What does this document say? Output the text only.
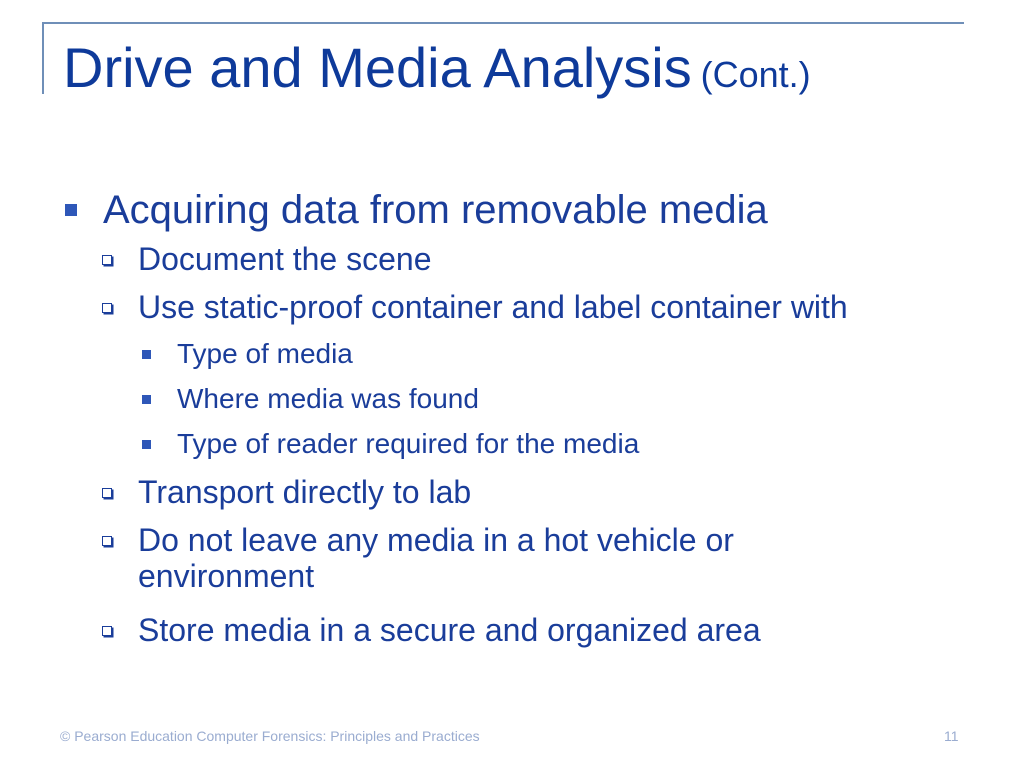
Drive and Media Analysis (Cont.)
Acquiring data from removable media
Document the scene
Use static-proof container and label container with
Type of media
Where media was found
Type of reader required for the media
Transport directly to lab
Do not leave any media in a hot vehicle or
environment
Store media in a secure and organized area
© Pearson Education Computer Forensics: Principles and Practices	11
